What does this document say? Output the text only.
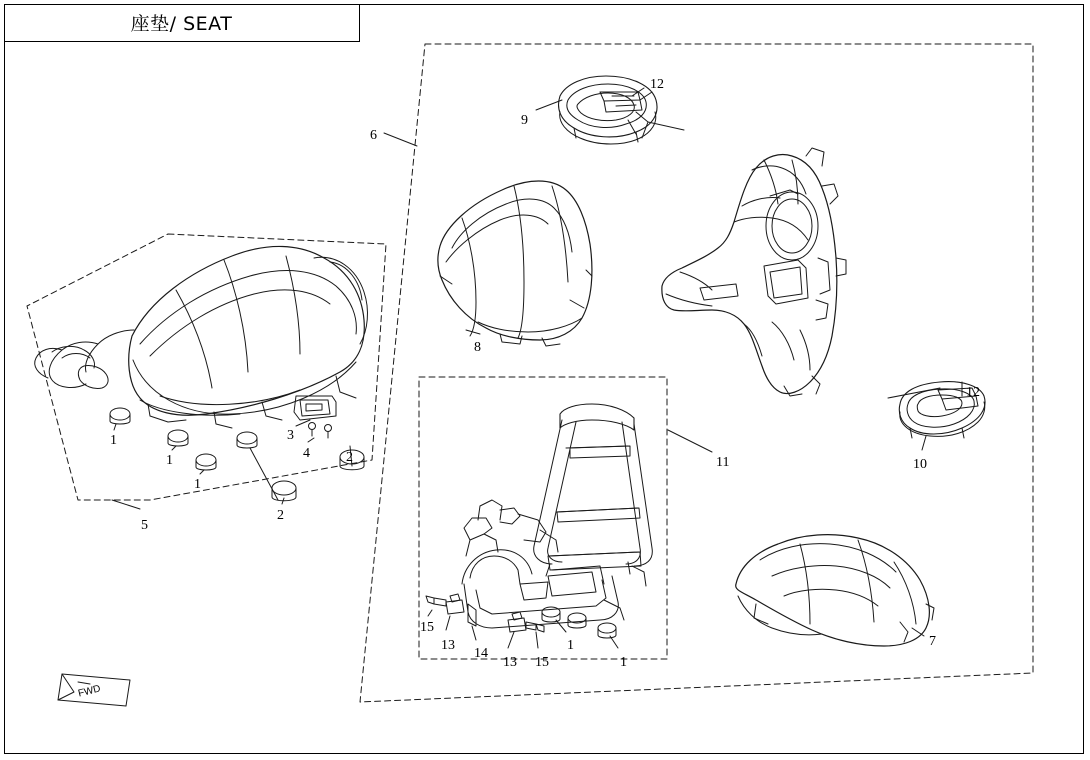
座垫/ SEAT
FWD
6
12
9
8
12
10
11
7
1
1
1
2
2
3
4
5
15
13
14
13 15
1
1
